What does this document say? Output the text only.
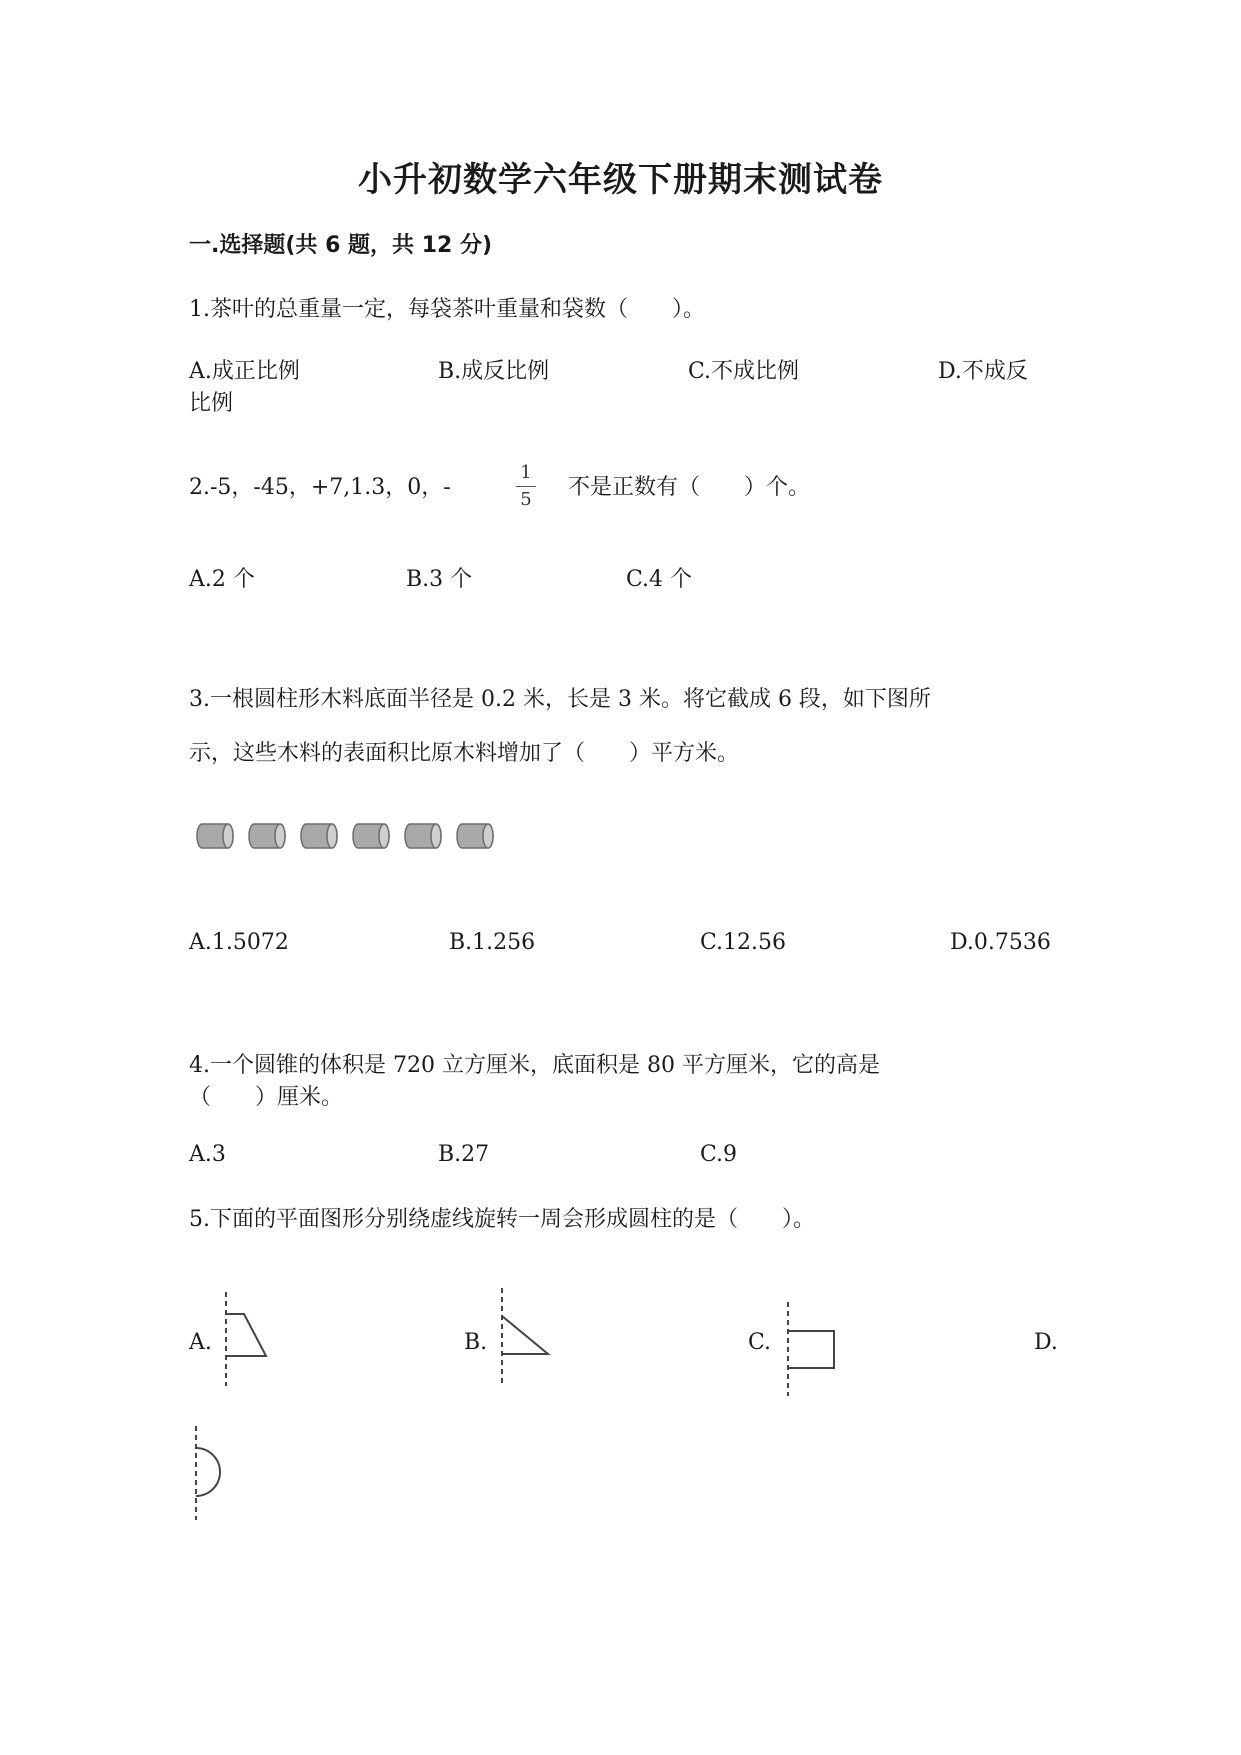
小升初数学六年级下册期末测试卷
一.选择题(共 6 题，共 12 分)
1.茶叶的总重量一定，每袋茶叶重量和袋数（　　）。
A.成正比例	B.成反比例	C.不成比例	D.不成反
比例
2.-5，-45，+7,1.3，0，-
1
5 不是正数有（　　）个。
A.2 个	B.3 个	C.4 个
3.一根圆柱形木料底面半径是 0.2 米，长是 3 米。将它截成 6 段，如下图所
示，这些木料的表面积比原木料增加了（　　）平方米。
A.1.5072	B.1.256	C.12.56	D.0.7536
4.一个圆锥的体积是 720 立方厘米，底面积是 80 平方厘米，它的高是
（　　）厘米。
A.3	B.27	C.9
5.下面的平面图形分别绕虚线旋转一周会形成圆柱的是（　　）。
A.	B.	C.	D.
